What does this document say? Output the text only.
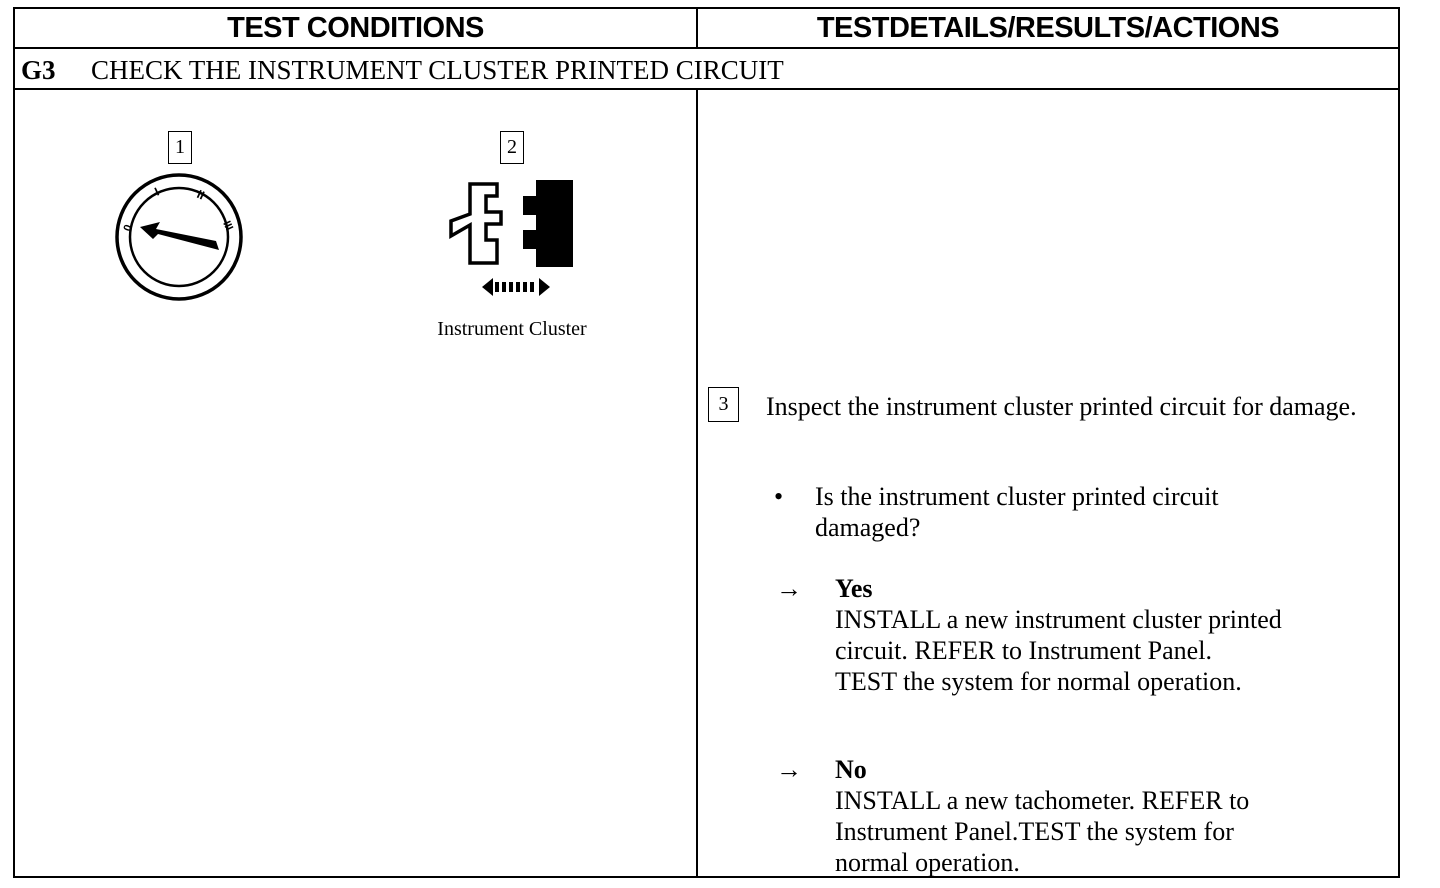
TEST CONDITIONS	TESTDETAILS/RESULTS/ACTIONS
G3	CHECK THE INSTRUMENT CLUSTER PRINTED CIRCUIT
1
0
I	II
III
2
Instrument Cluster
3	Inspect the instrument cluster printed circuit for damage.
•	Is the instrument cluster printed circuit damaged?
→	Yes
INSTALL a new instrument cluster printed
circuit. REFER to Instrument Panel.
TEST the system for normal operation.
→	No
INSTALL a new tachometer. REFER to
Instrument Panel.TEST the system for
normal operation.
